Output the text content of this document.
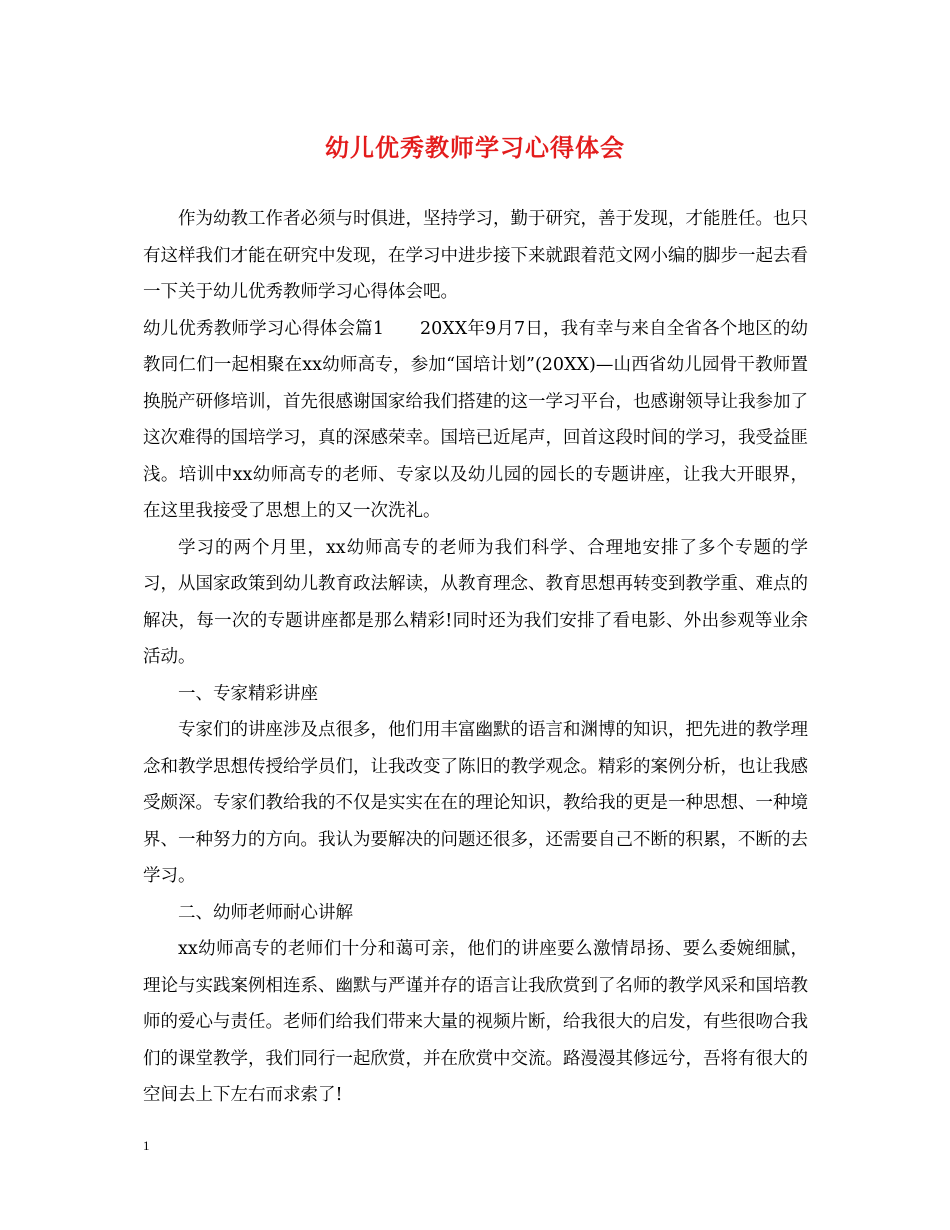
幼儿优秀教师学习心得体会

作为幼教工作者必须与时俱进，坚持学习，勤于研究，善于发现，才能胜任。也只有这样我们才能在研究中发现，在学习中进步接下来就跟着范文网小编的脚步一起去看一下关于幼儿优秀教师学习心得体会吧。

幼儿优秀教师学习心得体会篇1 20XX年9月7日，我有幸与来自全省各个地区的幼教同仁们一起相聚在xx幼师高专，参加“国培计划”(20XX)—山西省幼儿园骨干教师置换脱产研修培训，首先很感谢国家给我们搭建的这一学习平台，也感谢领导让我参加了这次难得的国培学习，真的深感荣幸。国培已近尾声，回首这段时间的学习，我受益匪浅。培训中xx幼师高专的老师、专家以及幼儿园的园长的专题讲座，让我大开眼界，在这里我接受了思想上的又一次洗礼。

学习的两个月里，xx幼师高专的老师为我们科学、合理地安排了多个专题的学习，从国家政策到幼儿教育政法解读，从教育理念、教育思想再转变到教学重、难点的解决，每一次的专题讲座都是那么精彩!同时还为我们安排了看电影、外出参观等业余活动。

一、专家精彩讲座

专家们的讲座涉及点很多，他们用丰富幽默的语言和渊博的知识，把先进的教学理念和教学思想传授给学员们，让我改变了陈旧的教学观念。精彩的案例分析，也让我感受颇深。专家们教给我的不仅是实实在在的理论知识，教给我的更是一种思想、一种境界、一种努力的方向。我认为要解决的问题还很多，还需要自己不断的积累，不断的去学习。

二、幼师老师耐心讲解

xx幼师高专的老师们十分和蔼可亲，他们的讲座要么激情昂扬、要么委婉细腻，理论与实践案例相连系、幽默与严谨并存的语言让我欣赏到了名师的教学风采和国培教师的爱心与责任。老师们给我们带来大量的视频片断，给我很大的启发，有些很吻合我们的课堂教学，我们同行一起欣赏，并在欣赏中交流。路漫漫其修远兮，吾将有很大的空间去上下左右而求索了!

1
